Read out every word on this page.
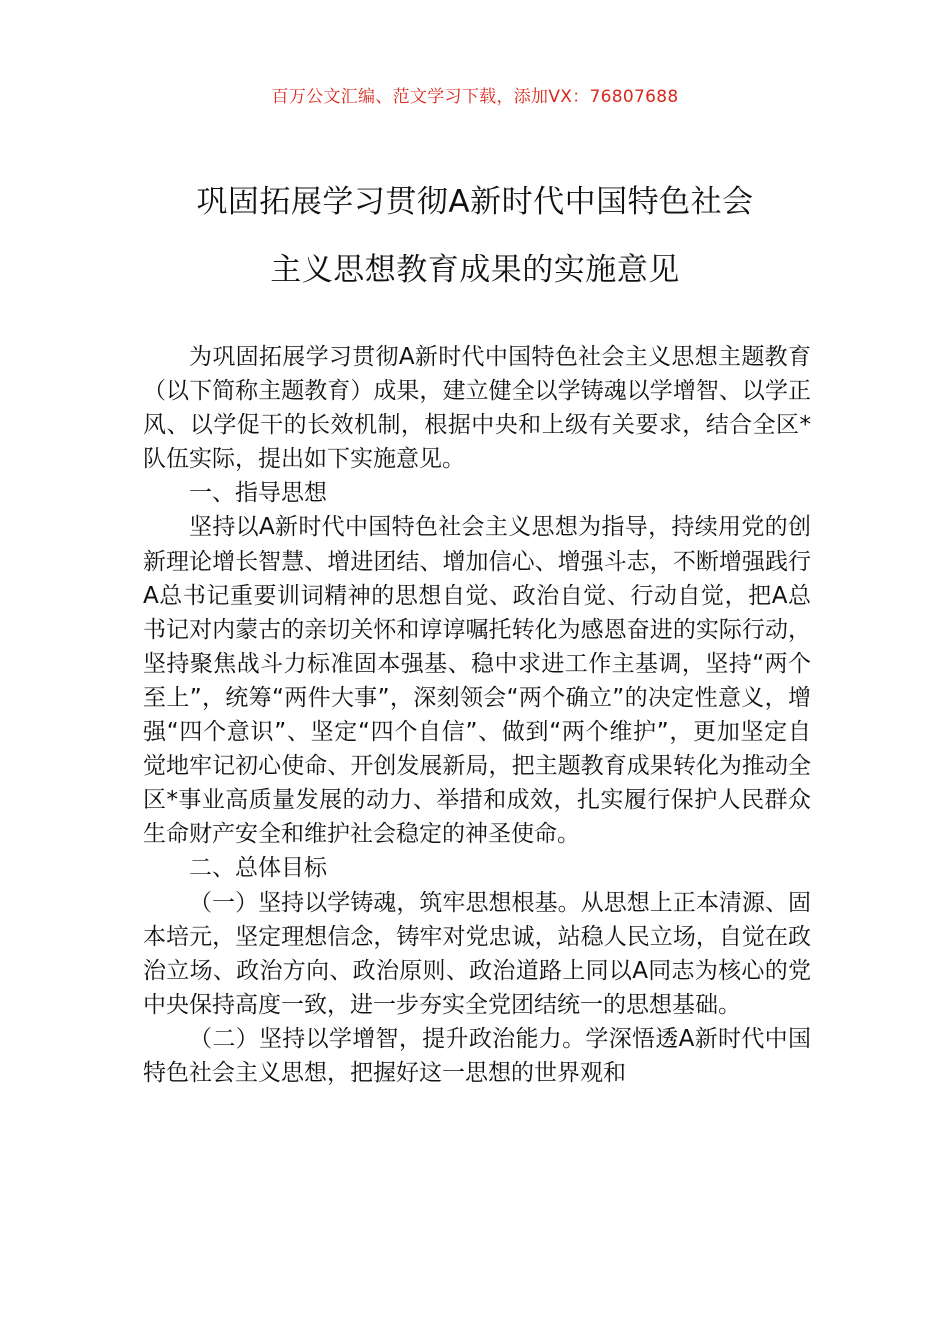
百万公文汇编、范文学习下载，添加VX：76807688
巩固拓展学习贯彻A新时代中国特色社会
主义思想教育成果的实施意见

为巩固拓展学习贯彻A新时代中国特色社会主义思想主题教育（以下简称主题教育）成果，建立健全以学铸魂以学增智、以学正风、以学促干的长效机制，根据中央和上级有关要求，结合全区*队伍实际，提出如下实施意见。

一、指导思想

坚持以A新时代中国特色社会主义思想为指导，持续用党的创新理论增长智慧、增进团结、增加信心、增强斗志，不断增强践行A总书记重要训词精神的思想自觉、政治自觉、行动自觉，把A总书记对内蒙古的亲切关怀和谆谆嘱托转化为感恩奋进的实际行动，坚持聚焦战斗力标准固本强基、稳中求进工作主基调，坚持“两个至上”，统筹“两件大事”，深刻领会“两个确立”的决定性意义，增强“四个意识”、坚定“四个自信”、做到“两个维护”，更加坚定自觉地牢记初心使命、开创发展新局，把主题教育成果转化为推动全区*事业高质量发展的动力、举措和成效，扎实履行保护人民群众生命财产安全和维护社会稳定的神圣使命。

二、总体目标

（一）坚持以学铸魂，筑牢思想根基。从思想上正本清源、固本培元，坚定理想信念，铸牢对党忠诚，站稳人民立场，自觉在政治立场、政治方向、政治原则、政治道路上同以A同志为核心的党中央保持高度一致，进一步夯实全党团结统一的思想基础。

（二）坚持以学增智，提升政治能力。学深悟透A新时代中国特色社会主义思想，把握好这一思想的世界观和
